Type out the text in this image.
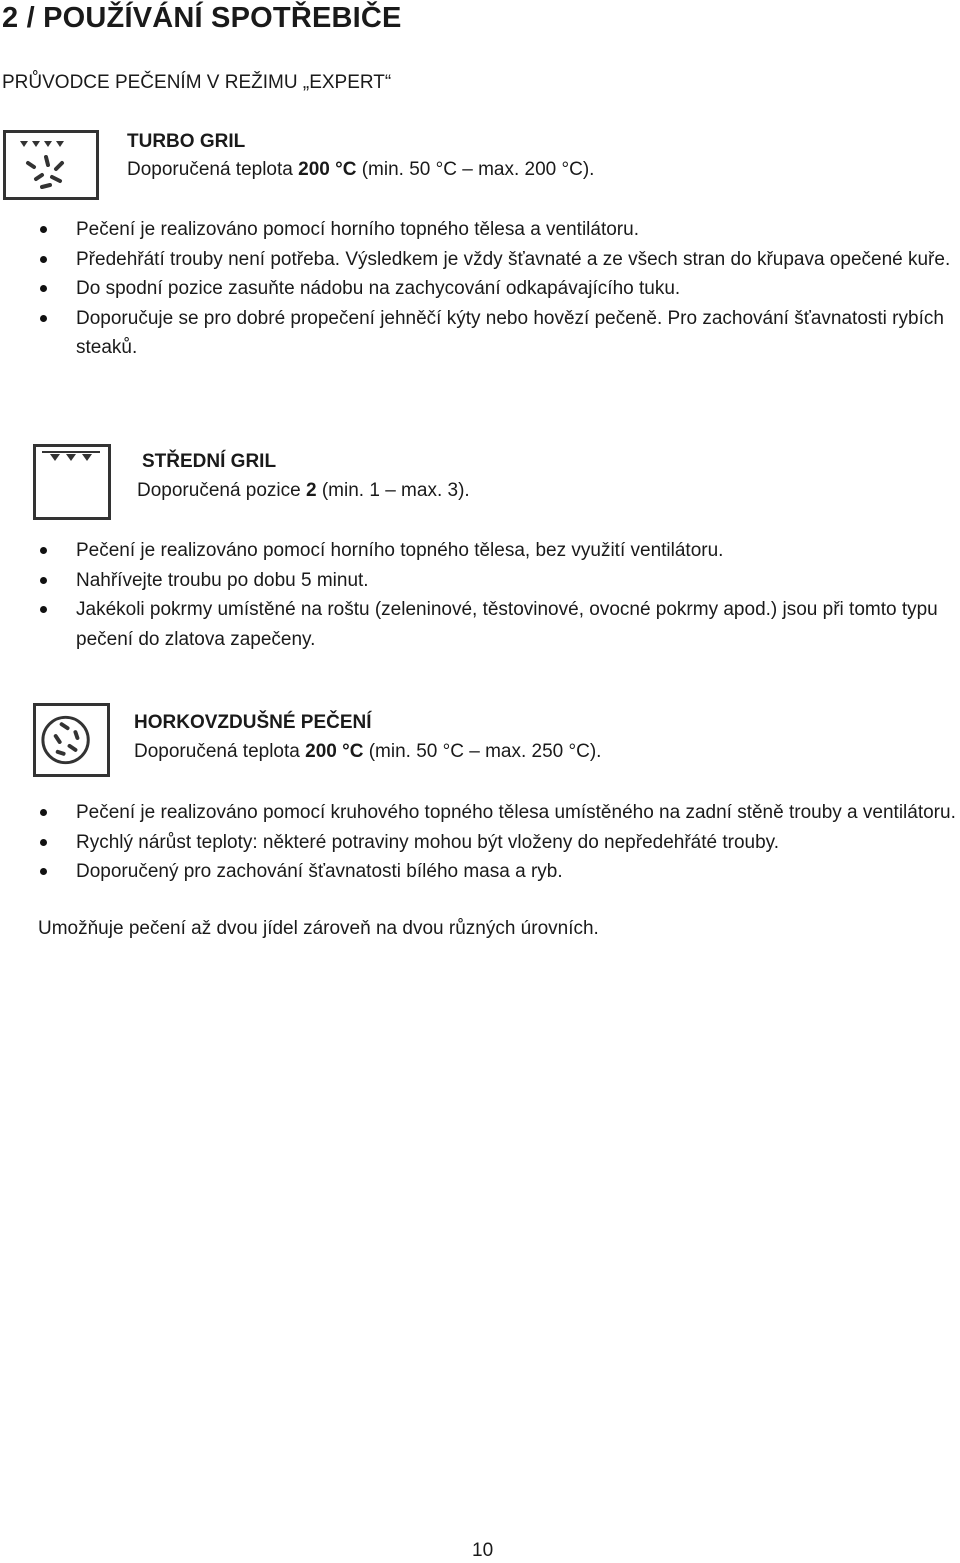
2 / POUŽÍVÁNÍ SPOTŘEBIČE

PRŮVODCE PEČENÍM V REŽIMU „EXPERT“

TURBO GRIL
Doporučená teplota 200 °C (min. 50 °C – max. 200 °C).
Pečení je realizováno pomocí horního topného tělesa a ventilátoru.
Předehřátí trouby není potřeba. Výsledkem je vždy šťavnaté a ze všech stran do křupava opečené kuře.
Do spodní pozice zasuňte nádobu na zachycování odkapávajícího tuku.
Doporučuje se pro dobré propečení jehněčí kýty nebo hovězí pečeně. Pro zachování šťavnatosti rybích steaků.
STŘEDNÍ GRIL
Doporučená pozice 2 (min. 1 – max. 3).
Pečení je realizováno pomocí horního topného tělesa, bez využití ventilátoru.
Nahřívejte troubu po dobu 5 minut.
Jakékoli pokrmy umístěné na roštu (zeleninové, těstovinové, ovocné pokrmy apod.) jsou při tomto typu pečení do zlatova zapečeny.
HORKOVZDUŠNÉ PEČENÍ
Doporučená teplota 200 °C (min. 50 °C – max. 250 °C).
Pečení je realizováno pomocí kruhového topného tělesa umístěného na zadní stěně trouby a ventilátoru.
Rychlý nárůst teploty: některé potraviny mohou být vloženy do nepředehřáté trouby.
Doporučený pro zachování šťavnatosti bílého masa a ryb.
Umožňuje pečení až dvou jídel zároveň na dvou různých úrovních.
10
